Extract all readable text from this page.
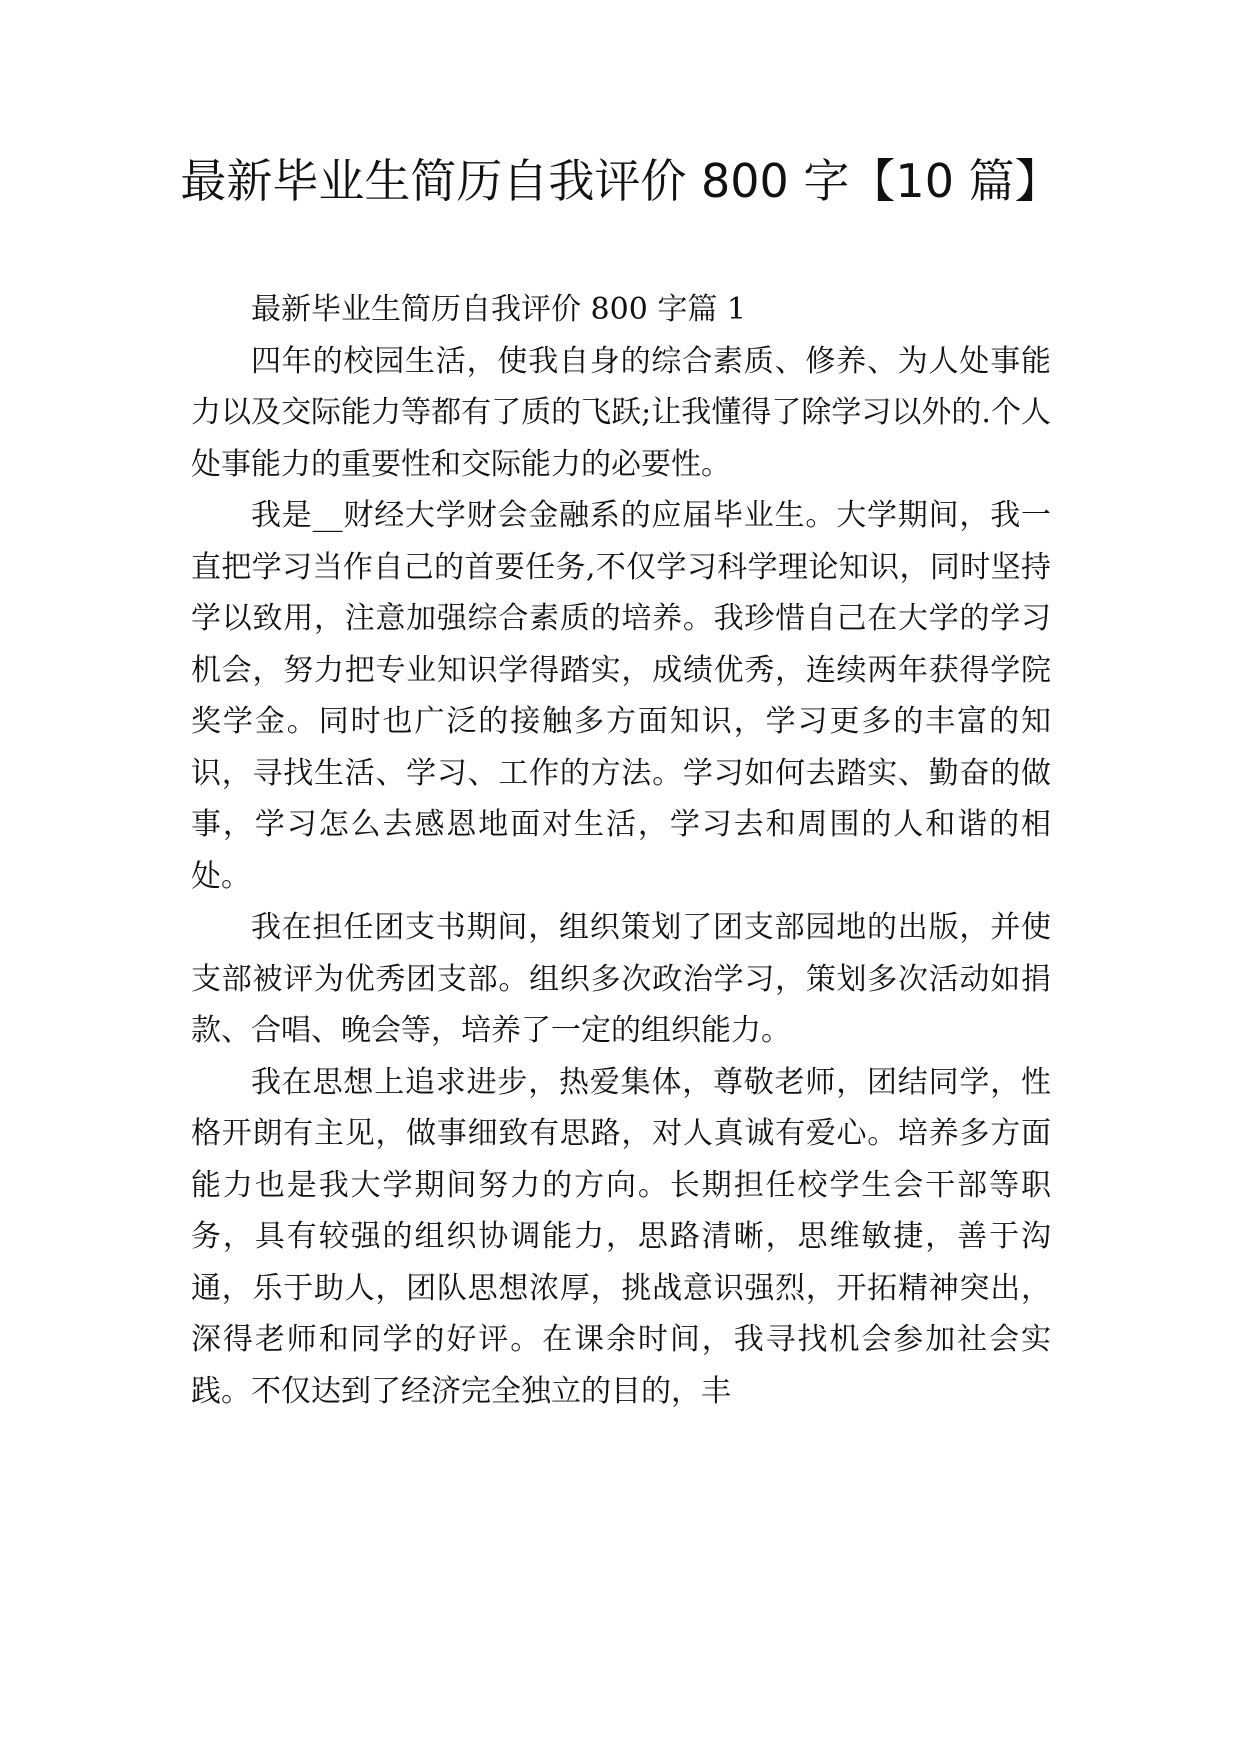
最新毕业生简历自我评价 800 字【10 篇】

最新毕业生简历自我评价 800 字篇 1

四年的校园生活，使我自身的综合素质、修养、为人处事能力以及交际能力等都有了质的飞跃;让我懂得了除学习以外的.个人处事能力的重要性和交际能力的必要性。

我是__财经大学财会金融系的应届毕业生。大学期间，我一直把学习当作自己的首要任务,不仅学习科学理论知识，同时坚持学以致用，注意加强综合素质的培养。我珍惜自己在大学的学习机会，努力把专业知识学得踏实，成绩优秀，连续两年获得学院奖学金。同时也广泛的接触多方面知识，学习更多的丰富的知识，寻找生活、学习、工作的方法。学习如何去踏实、勤奋的做事，学习怎么去感恩地面对生活，学习去和周围的人和谐的相处。

我在担任团支书期间，组织策划了团支部园地的出版，并使支部被评为优秀团支部。组织多次政治学习，策划多次活动如捐款、合唱、晚会等，培养了一定的组织能力。

我在思想上追求进步，热爱集体，尊敬老师，团结同学，性格开朗有主见，做事细致有思路，对人真诚有爱心。培养多方面能力也是我大学期间努力的方向。长期担任校学生会干部等职务，具有较强的组织协调能力，思路清晰，思维敏捷，善于沟通，乐于助人，团队思想浓厚，挑战意识强烈，开拓精神突出，深得老师和同学的好评。在课余时间，我寻找机会参加社会实践。不仅达到了经济完全独立的目的，丰
